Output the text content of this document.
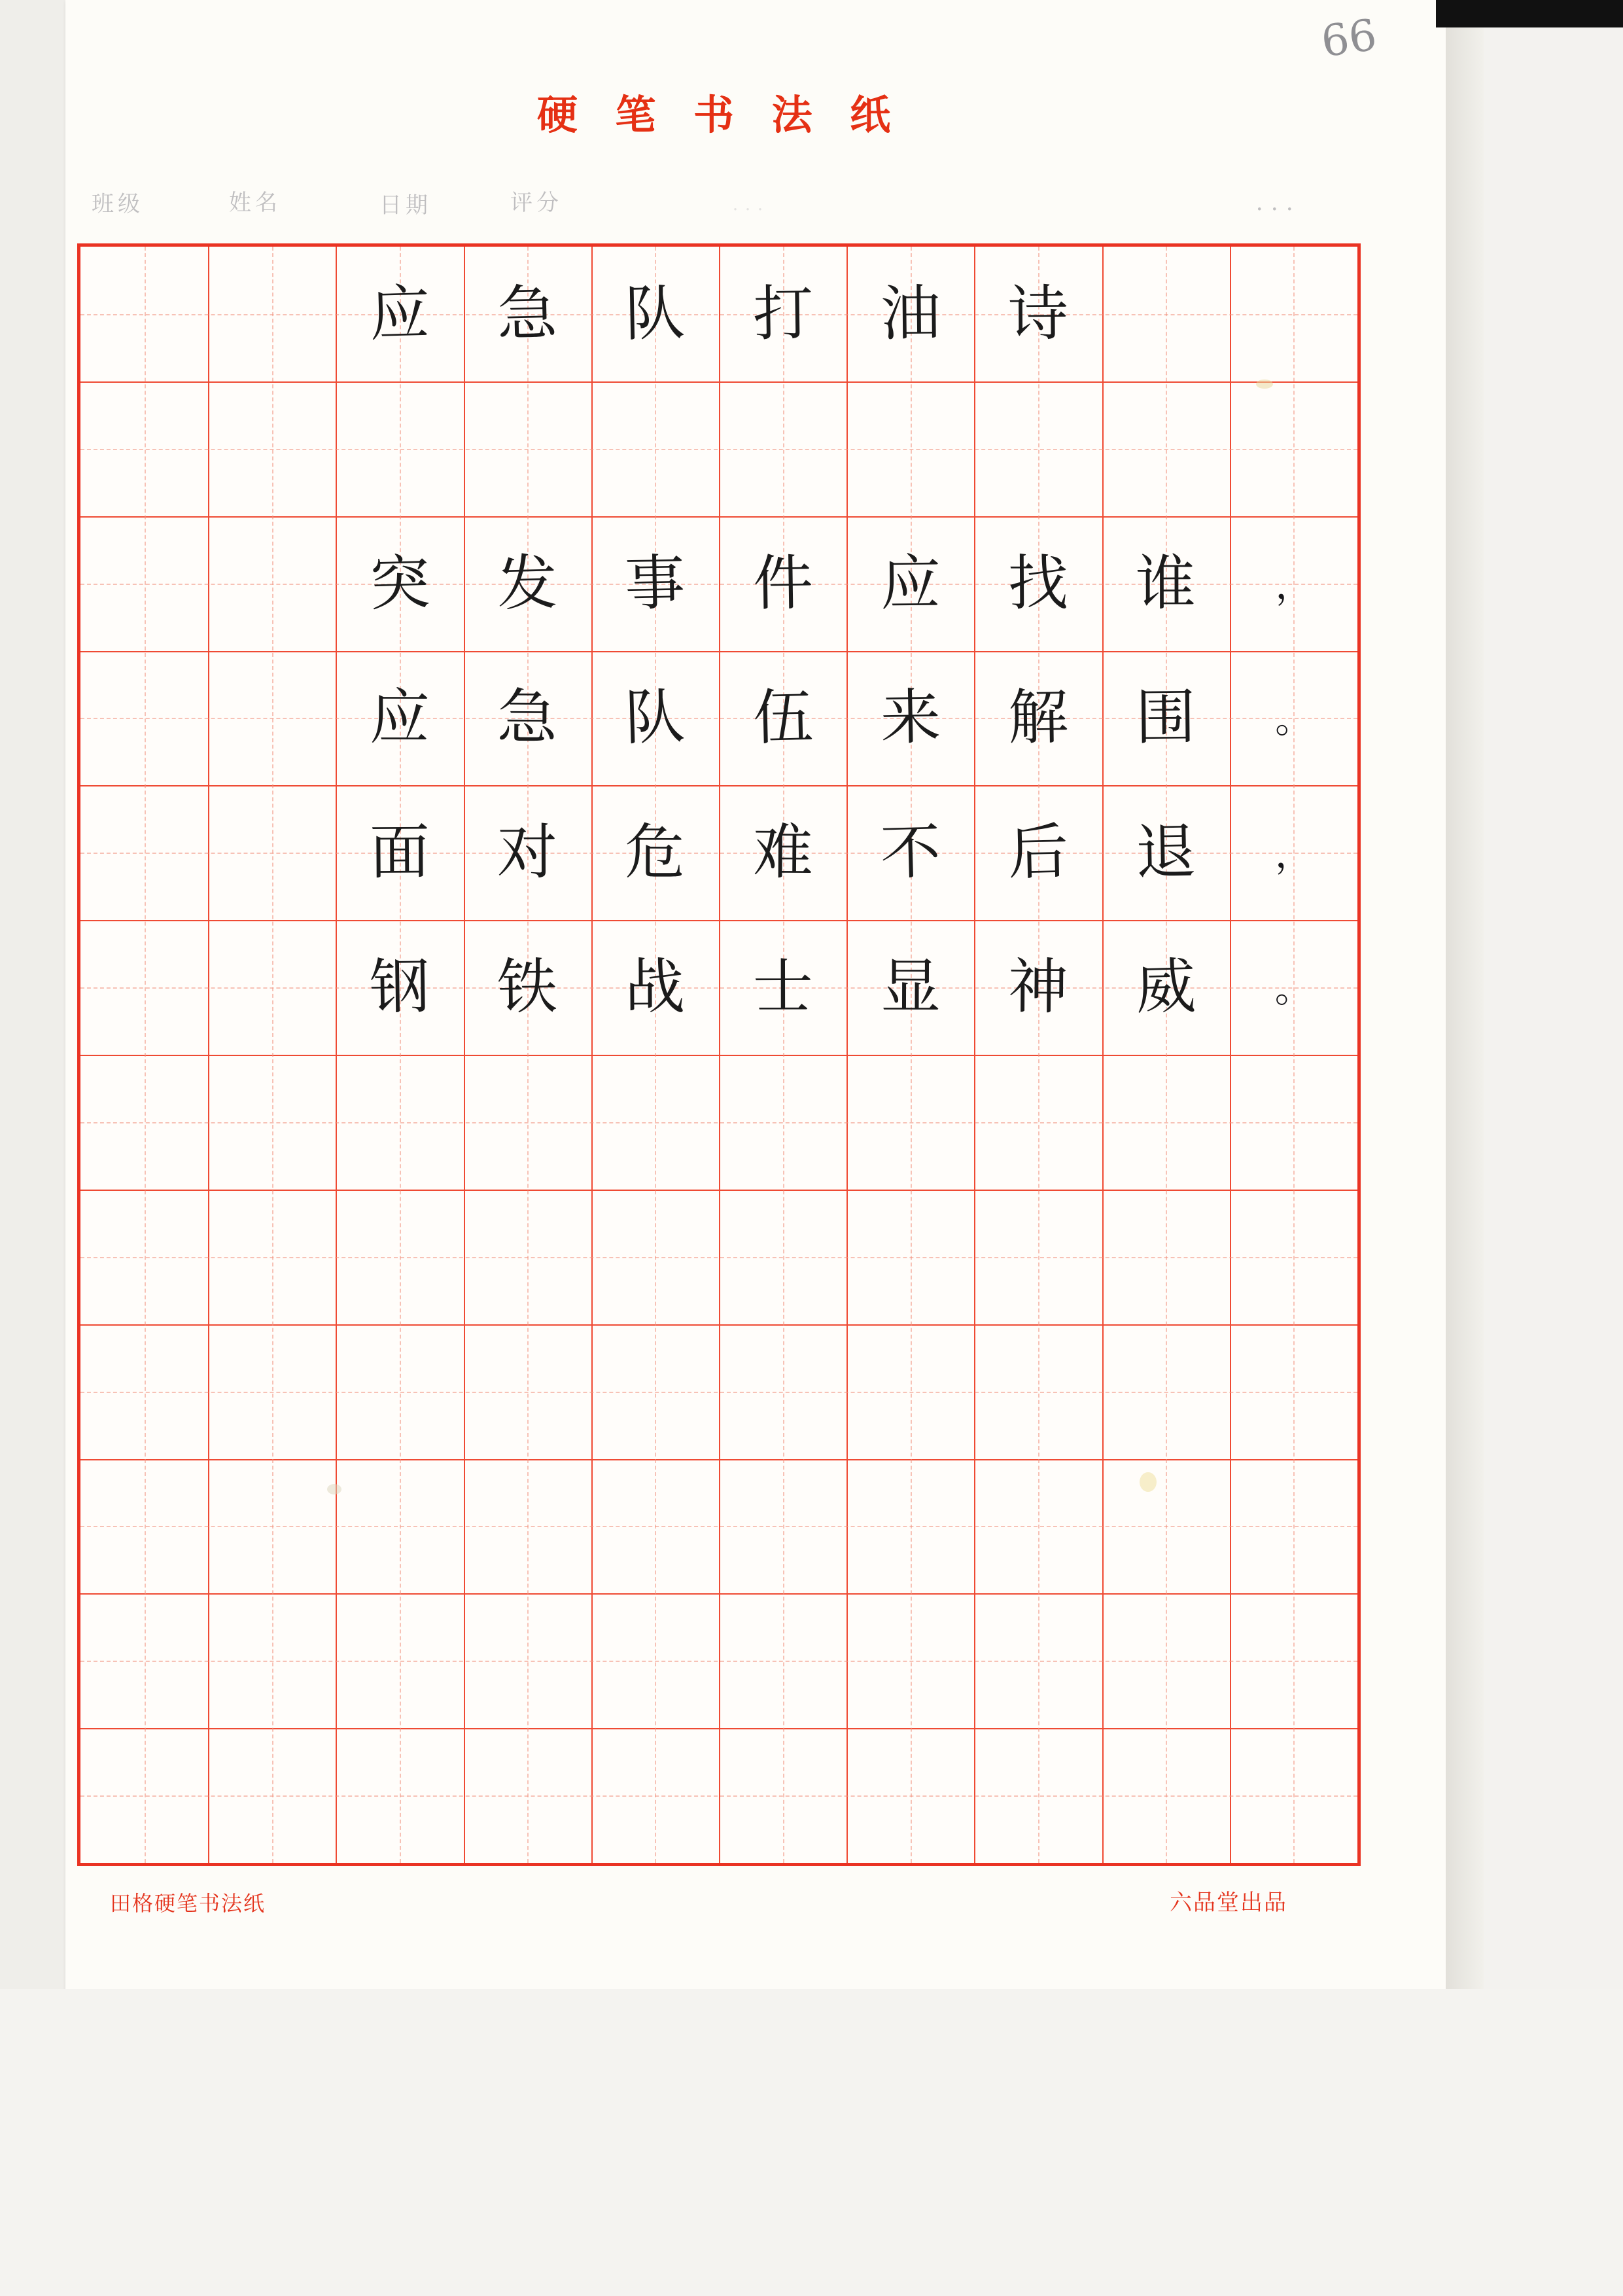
66
硬 笔 书 法 纸
班级	姓名	日期	评分	．．．	．．．
应	急	队	打	油	诗
突	发	事	件	应	找	谁	，
应	急	队	伍	来	解	围	。
面	对	危	难	不	后	退	，
钢	铁	战	士	显	神	威	。
田格硬笔书法纸	六品堂出品
